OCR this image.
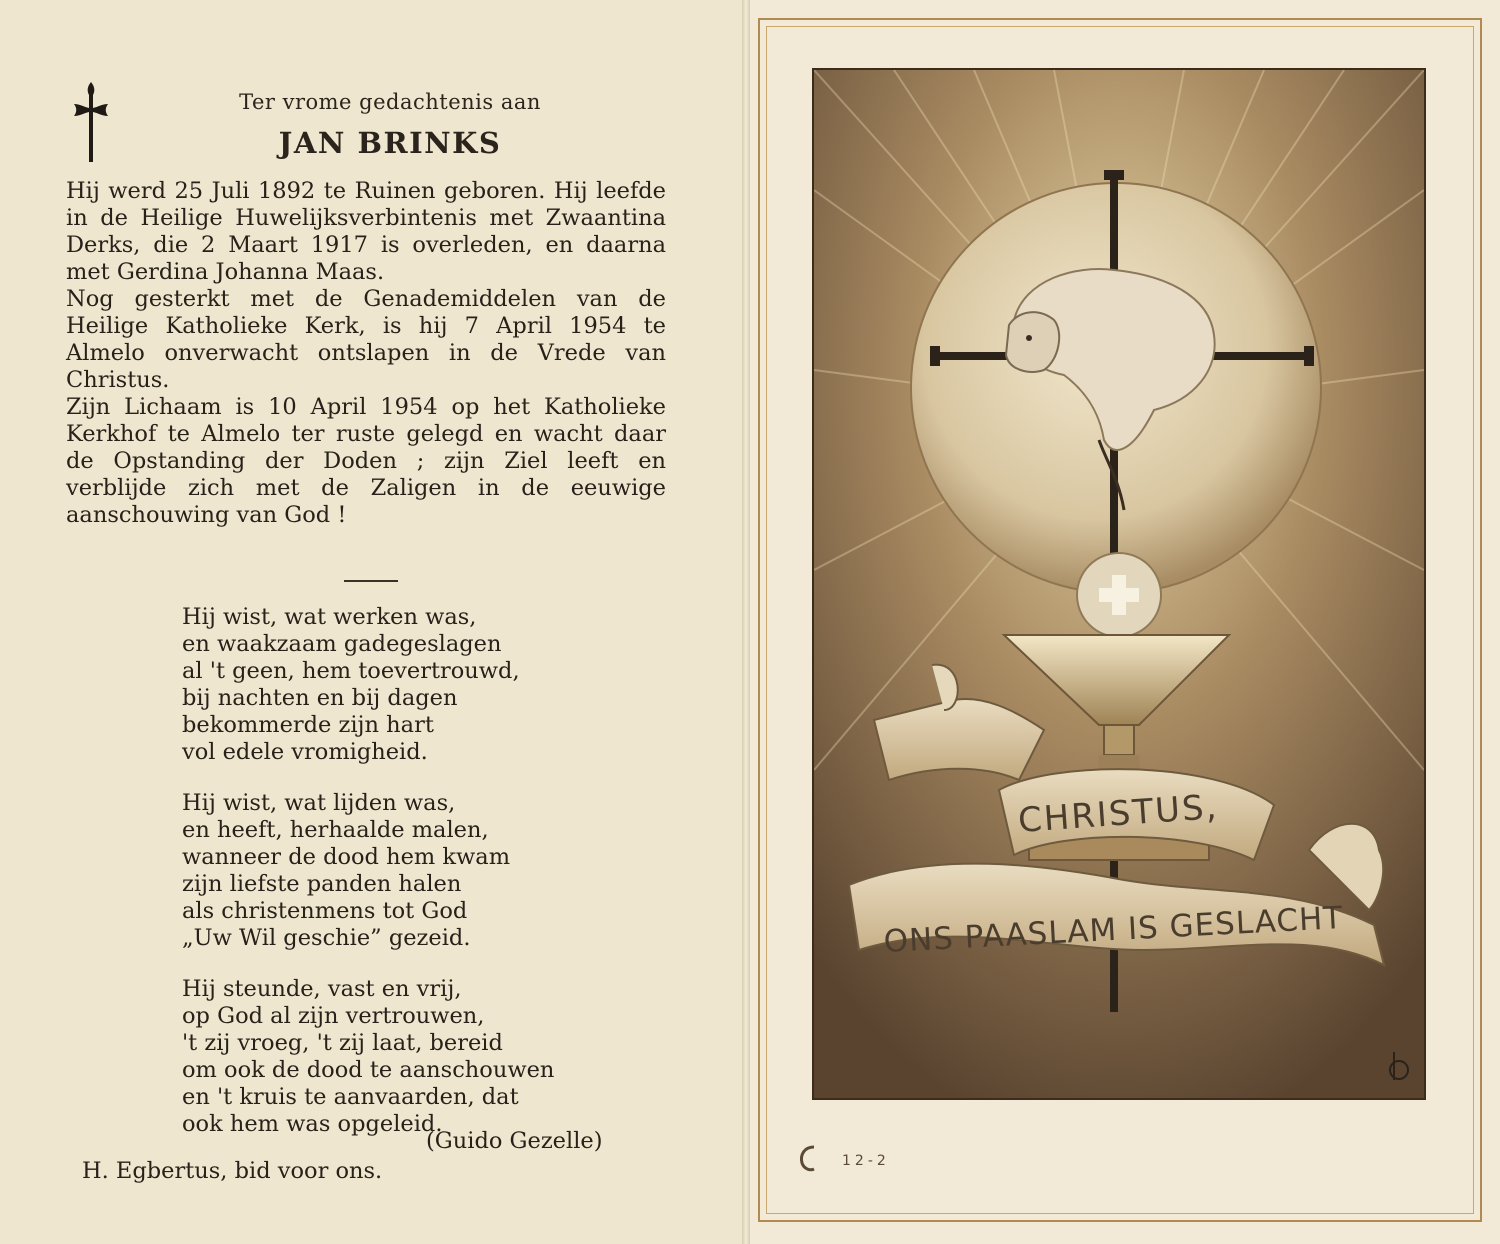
Ter vrome gedachtenis aan
JAN BRINKS

Hij werd 25 Juli 1892 te Ruinen geboren. Hij leefde in de Heilige Huwelijksverbintenis met Zwaantina Derks, die 2 Maart 1917 is overleden, en daarna met Gerdina Johanna Maas.

Nog gesterkt met de Genademiddelen van de Heilige Katholieke Kerk, is hij 7 April 1954 te Almelo onverwacht ontslapen in de Vrede van Christus.

Zijn Lichaam is 10 April 1954 op het Katholieke Kerkhof te Almelo ter ruste gelegd en wacht daar de Opstanding der Doden ; zijn Ziel leeft en verblijde zich met de Zaligen in de eeuwige aanschouwing van God !

Hij wist, wat werken was,
en waakzaam gadegeslagen
al 't geen, hem toevertrouwd,
bij nachten en bij dagen
bekommerde zijn hart
vol edele vromigheid.
Hij wist, wat lijden was,
en heeft, herhaalde malen,
wanneer de dood hem kwam
zijn liefste panden halen
als christenmens tot God
„Uw Wil geschie” gezeid.
Hij steunde, vast en vrij,
op God al zijn vertrouwen,
't zij vroeg, 't zij laat, bereid
om ook de dood te aanschouwen
en 't kruis te aanvaarden, dat
ook hem was opgeleid.
(Guido Gezelle)
H. Egbertus, bid voor ons.
CHRISTUS,
ONS PAASLAM IS GESLACHT
12-2
